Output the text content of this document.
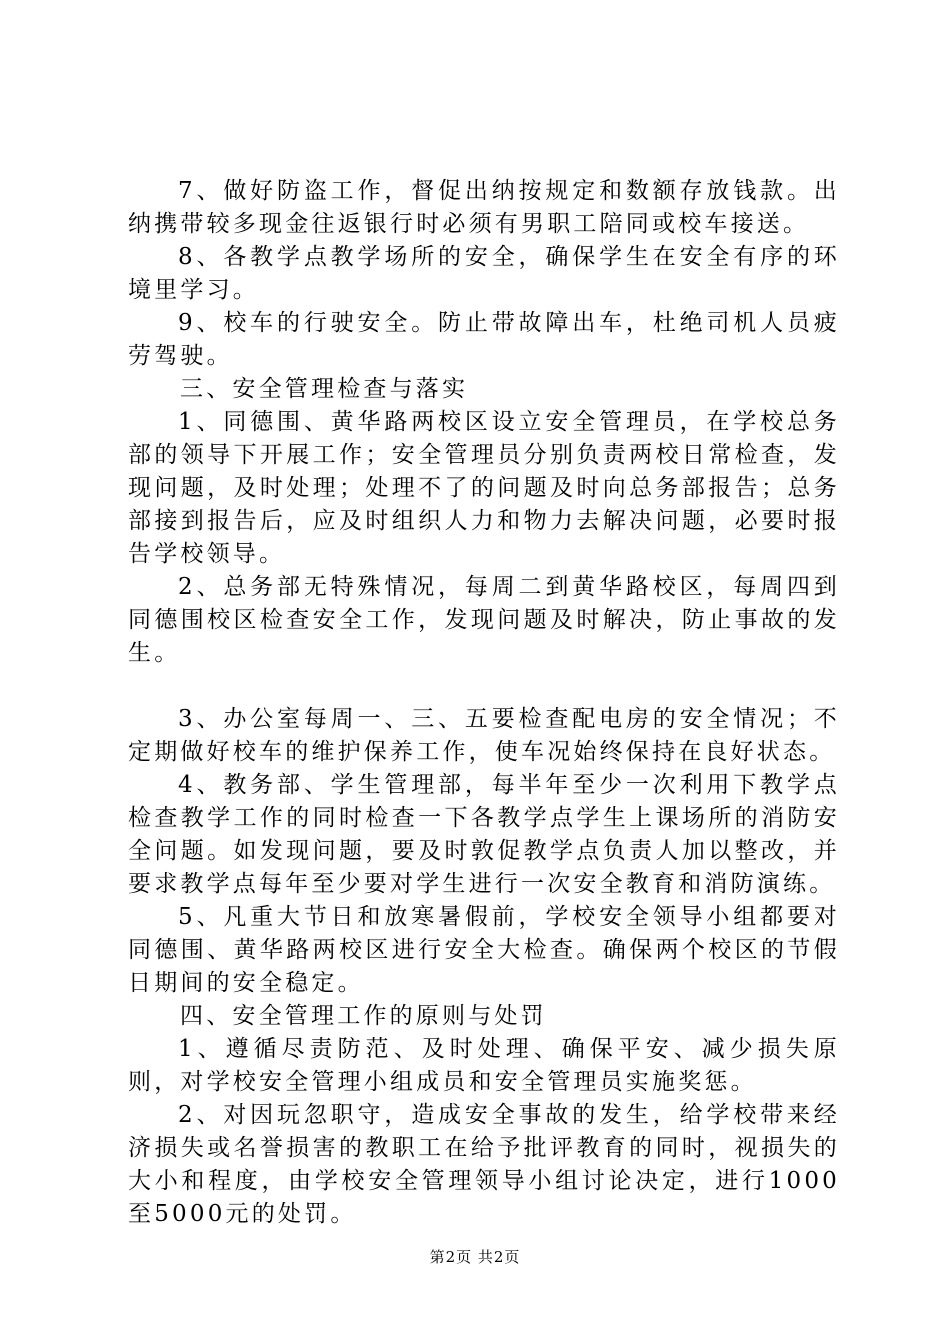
7、做好防盗工作，督促出纳按规定和数额存放钱款。出纳携带较多现金往返银行时必须有男职工陪同或校车接送。

8、各教学点教学场所的安全，确保学生在安全有序的环境里学习。

9、校车的行驶安全。防止带故障出车，杜绝司机人员疲劳驾驶。

三、安全管理检查与落实

1、同德围、黄华路两校区设立安全管理员，在学校总务部的领导下开展工作；安全管理员分别负责两校日常检查，发现问题，及时处理；处理不了的问题及时向总务部报告；总务部接到报告后，应及时组织人力和物力去解决问题，必要时报告学校领导。

2、总务部无特殊情况，每周二到黄华路校区，每周四到同德围校区检查安全工作，发现问题及时解决，防止事故的发生。

3、办公室每周一、三、五要检查配电房的安全情况；不定期做好校车的维护保养工作，使车况始终保持在良好状态。

4、教务部、学生管理部，每半年至少一次利用下教学点检查教学工作的同时检查一下各教学点学生上课场所的消防安全问题。如发现问题，要及时敦促教学点负责人加以整改，并要求教学点每年至少要对学生进行一次安全教育和消防演练。

5、凡重大节日和放寒暑假前，学校安全领导小组都要对同德围、黄华路两校区进行安全大检查。确保两个校区的节假日期间的安全稳定。

四、安全管理工作的原则与处罚

1、遵循尽责防范、及时处理、确保平安、减少损失原则，对学校安全管理小组成员和安全管理员实施奖惩。

2、对因玩忽职守，造成安全事故的发生，给学校带来经济损失或名誉损害的教职工在给予批评教育的同时，视损失的大小和程度，由学校安全管理领导小组讨论决定，进行1000至5000元的处罚。

第2页 共2页
